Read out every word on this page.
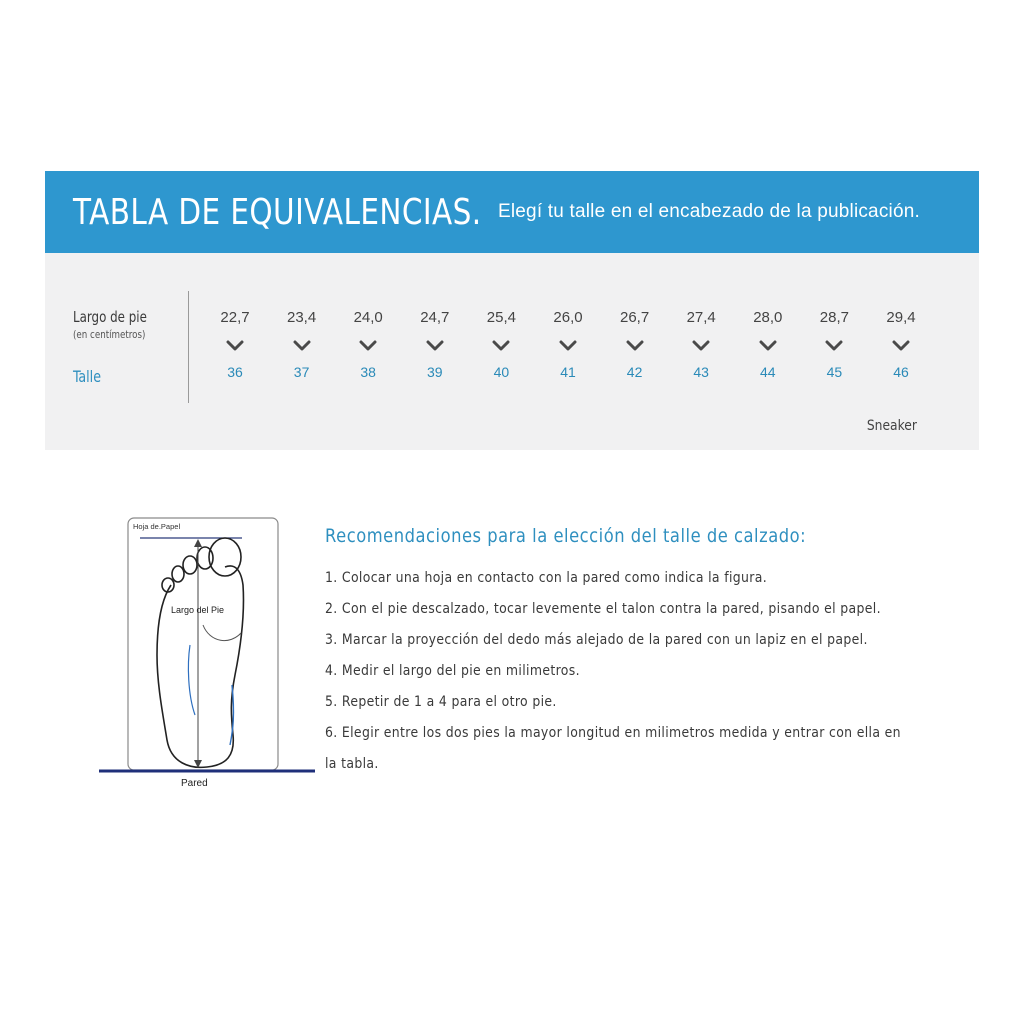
TABLA DE EQUIVALENCIAS. Elegí tu talle en el encabezado de la publicación.
Largo de pie
(en centímetros)
Talle
22,7
36
23,4
37
24,0
38
24,7
39
25,4
40
26,0
41
26,7
42
27,4
43
28,0
44
28,7
45
29,4
46
Sneaker
Hoja de.Papel
Largo del Pie
Pared
Recomendaciones para la elección del talle de calzado:
1. Colocar una hoja en contacto con la pared como indica la figura.
2. Con el pie descalzado, tocar levemente el talon contra la pared, pisando el papel.
3. Marcar la proyección del dedo más alejado de la pared con un lapiz en el papel.
4. Medir el largo del pie en milimetros.
5. Repetir de 1 a 4 para el otro pie.
6. Elegir entre los dos pies la mayor longitud en milimetros medida y entrar con ella en
la tabla.
